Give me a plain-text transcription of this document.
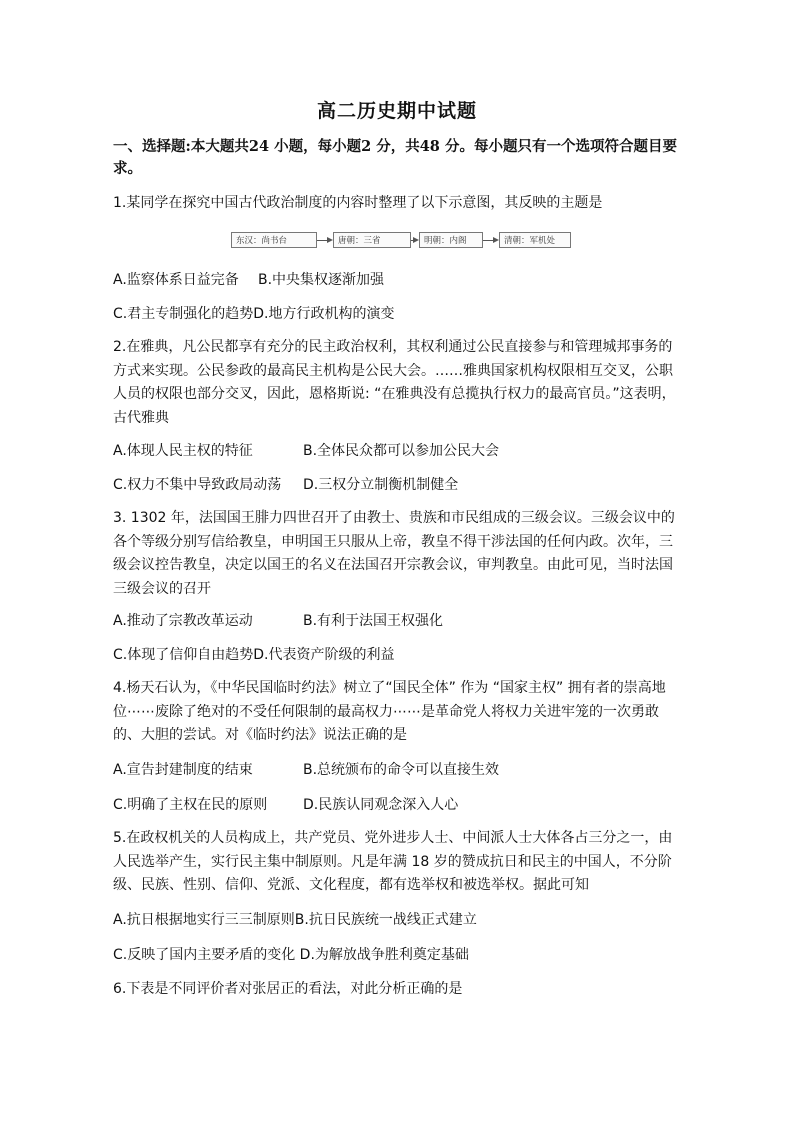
高二历史期中试题
一、选择题:本大题共24 小题，每小题2 分，共48 分。每小题只有一个选项符合题目要求。
1.某同学在探究中国古代政治制度的内容时整理了以下示意图，其反映的主题是
东汉：尚书台	唐朝：三省	明朝：内阁	清朝：军机处
A.监察体系日益完备 B.中央集权逐渐加强
C.君主专制强化的趋势D.地方行政机构的演变
2.在雅典，凡公民都享有充分的民主政治权利，其权利通过公民直接参与和管理城邦事务的方式来实现。公民参政的最高民主机构是公民大会。……雅典国家机构权限相互交叉，公职 人员的权限也部分交叉，因此，恩格斯说: “在雅典没有总揽执行权力的最高官员。”这表明，古代雅典
A.体现人民主权的特征	B.全体民众都可以参加公民大会
C.权力不集中导致政局动荡 D.三权分立制衡机制健全
3. 1302 年，法国国王腓力四世召开了由教士、贵族和市民组成的三级会议。三级会议中的各个等级分别写信给教皇，申明国王只服从上帝，教皇不得干涉法国的任何内政。次年，三级会议控告教皇，决定以国王的名义在法国召开宗教会议，审判教皇。由此可见，当时法国三级会议的召开
A.推动了宗教改革运动	B.有利于法国王权强化
C.体现了信仰自由趋势D.代表资产阶级的利益
4.杨天石认为，《中华民国临时约法》树立了“国民全体” 作为 “国家主权” 拥有者的崇高地 位⋯⋯废除了绝对的不受任何限制的最高权力⋯⋯是革命党人将权力关进牢笼的一次勇敢 的、大胆的尝试。对《临时约法》说法正确的是
A.宣告封建制度的结束	B.总统颁布的命令可以直接生效
C.明确了主权在民的原则	D.民族认同观念深入人心
5.在政权机关的人员构成上，共产党员、党外进步人士、中间派人士大体各占三分之一，由人民选举产生，实行民主集中制原则。凡是年满 18 岁的赞成抗日和民主的中国人，不分阶级、民族、性别、信仰、党派、文化程度，都有选举权和被选举权。据此可知
A.抗日根据地实行三三制原则B.抗日民族统一战线正式建立
C.反映了国内主要矛盾的变化 D.为解放战争胜利奠定基础
6.下表是不同评价者对张居正的看法，对此分析正确的是
